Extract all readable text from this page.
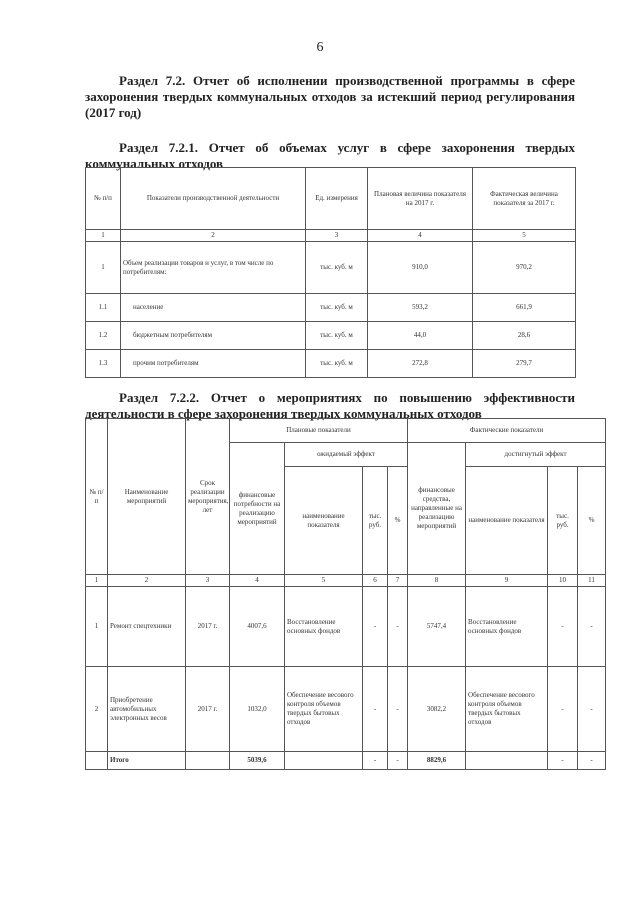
6
Раздел 7.2. Отчет об исполнении производственной программы в сфере захоронения твердых коммунальных отходов за истекший период регулирования (2017 год)
Раздел 7.2.1. Отчет об объемах услуг в сфере захоронения твердых коммунальных отходов
№ п/п	Показатели производственной деятельности	Ед. измерения	Плановая величина показателя на 2017 г.	Фактическая величина показателя за 2017 г.
1	2	3	4	5
1	Объем реализации товаров и услуг, в том числе по потребителям:	тыс. куб. м	910,0	970,2
1.1	население	тыс. куб. м	593,2	661,9
1.2	бюджетным потребителям	тыс. куб. м	44,0	28,6
1.3	прочим потребителям	тыс. куб. м	272,8	279,7
Раздел 7.2.2. Отчет о мероприятиях по повышению эффективности деятельности в сфере захоронения твердых коммунальных отходов
№ п/п	Наименование мероприятий	Срок реализации мероприятия, лет	Плановые показатели				Фактические показатели			
			финансовые потребности на реализацию мероприятий	ожидаемый эффект			финансовые средства, направленные на реализацию мероприятий	достигнутый эффект		
				наименование показателя	тыс. руб.	%		наименование показателя	тыс. руб.	%
1	2	3	4	5	6	7	8	9	10	11
1	Ремонт спецтехники	2017 г.	4007,6	Восстановление основных фондов	-	-	5747,4	Восстановление основных фондов	-	-
2	Приобретение автомобильных электронных весов	2017 г.	1032,0	Обеспечение весового контроля объемов твердых бытовых отходов	-	-	3082,2	Обеспечение весового контроля объемов твердых бытовых отходов	-	-
	Итого		5039,6		-	-	8829,6		-	-
